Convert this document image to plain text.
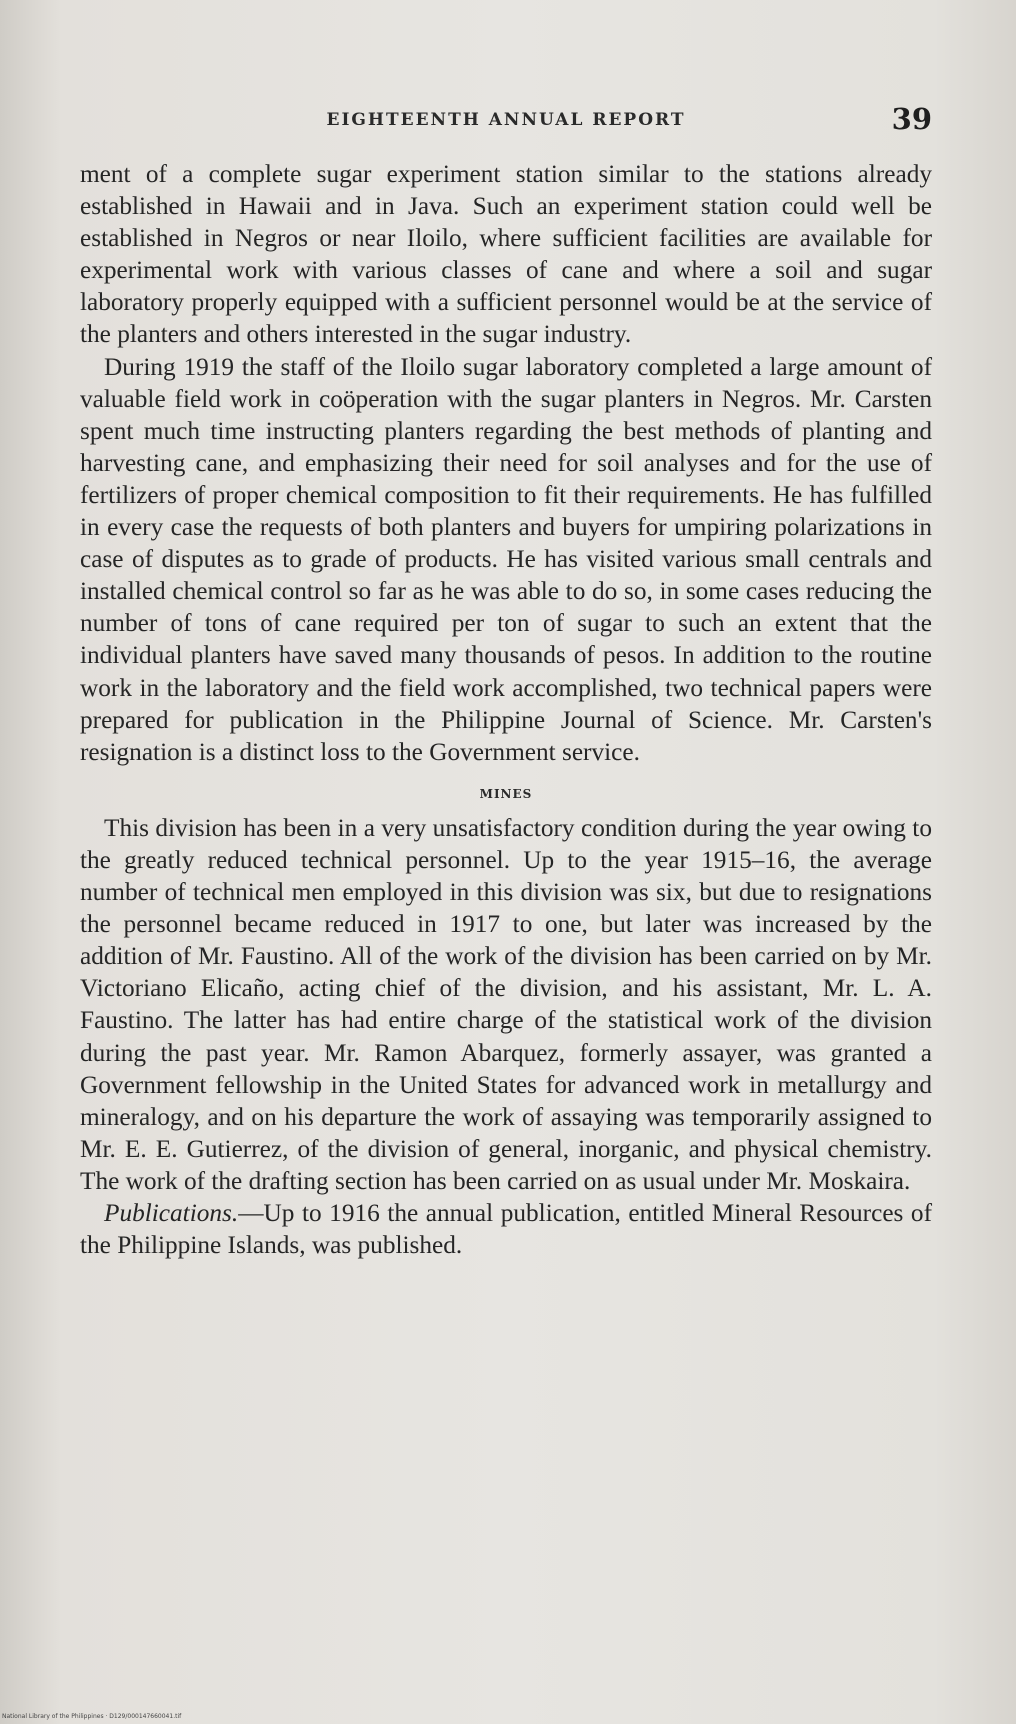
EIGHTEENTH ANNUAL REPORT	39

ment of a complete sugar experiment station similar to the stations already established in Hawaii and in Java. Such an experiment station could well be established in Negros or near Iloilo, where sufficient facilities are available for experimental work with various classes of cane and where a soil and sugar laboratory properly equipped with a sufficient personnel would be at the service of the planters and others interested in the sugar industry.

During 1919 the staff of the Iloilo sugar laboratory completed a large amount of valuable field work in coöperation with the sugar planters in Negros. Mr. Carsten spent much time instructing planters regarding the best methods of planting and harvesting cane, and emphasizing their need for soil analyses and for the use of fertilizers of proper chemical composition to fit their requirements. He has fulfilled in every case the requests of both planters and buyers for umpiring polarizations in case of disputes as to grade of products. He has visited various small centrals and installed chemical control so far as he was able to do so, in some cases reducing the number of tons of cane required per ton of sugar to such an extent that the individual planters have saved many thousands of pesos. In addition to the routine work in the laboratory and the field work accomplished, two technical papers were prepared for publication in the Philippine Journal of Science. Mr. Carsten's resignation is a distinct loss to the Government service.

MINES

This division has been in a very unsatisfactory condition during the year owing to the greatly reduced technical personnel. Up to the year 1915–16, the average number of technical men employed in this division was six, but due to resignations the personnel became reduced in 1917 to one, but later was increased by the addition of Mr. Faustino. All of the work of the division has been carried on by Mr. Victoriano Elicaño, acting chief of the division, and his assistant, Mr. L. A. Faustino. The latter has had entire charge of the statistical work of the division during the past year. Mr. Ramon Abarquez, formerly assayer, was granted a Government fellowship in the United States for advanced work in metallurgy and mineralogy, and on his departure the work of assaying was temporarily assigned to Mr. E. E. Gutierrez, of the division of general, inorganic, and physical chemistry. The work of the drafting section has been carried on as usual under Mr. Moskaira.

Publications.—Up to 1916 the annual publication, entitled Mineral Resources of the Philippine Islands, was published.

National Library of the Philippines · D129/000147660041.tif
